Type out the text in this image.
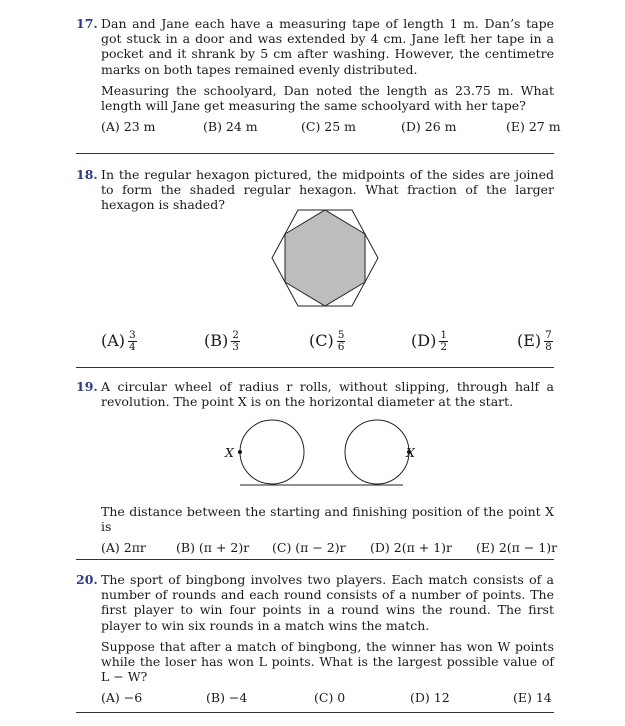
17. Dan and Jane each have a measuring tape of length 1 m. Dan’s tape got stuck in a door and was extended by 4 cm. Jane left her tape in a pocket and it shrank by 5 cm after washing. However, the centimetre marks on both tapes remained evenly distributed.

Measuring the schoolyard, Dan noted the length as 23.75 m. What length will Jane get measuring the same schoolyard with her tape?

(A) 23 m	(B) 24 m	(C) 25 m	(D) 26 m	(E) 27 m
18. In the regular hexagon pictured, the midpoints of the sides are joined to form the shaded regular hexagon. What fraction of the larger hexagon is shaded?

$(A) \frac{3}{4}$	$(B) \frac{2}{3}$	$(C) \frac{5}{6}$	$(D) \frac{1}{2}$	$(E) \frac{7}{8}$
19. A circular wheel of radius r rolls, without slipping, through half a revolution. The point X is on the horizontal diameter at the start.

X	X

The distance between the starting and finishing position of the point X is

(A) 2πr (B) (π + 2)r (C) (π − 2)r (D) 2(π + 1)r (E) 2(π − 1)r
20. The sport of bingbong involves two players. Each match consists of a number of rounds and each round consists of a number of points. The first player to win four points in a round wins the round. The first player to win six rounds in a match wins the match.

Suppose that after a match of bingbong, the winner has won W points while the loser has won L points. What is the largest possible value of L − W?

(A) −6	(B) −4	(C) 0	(D) 12	(E) 14
